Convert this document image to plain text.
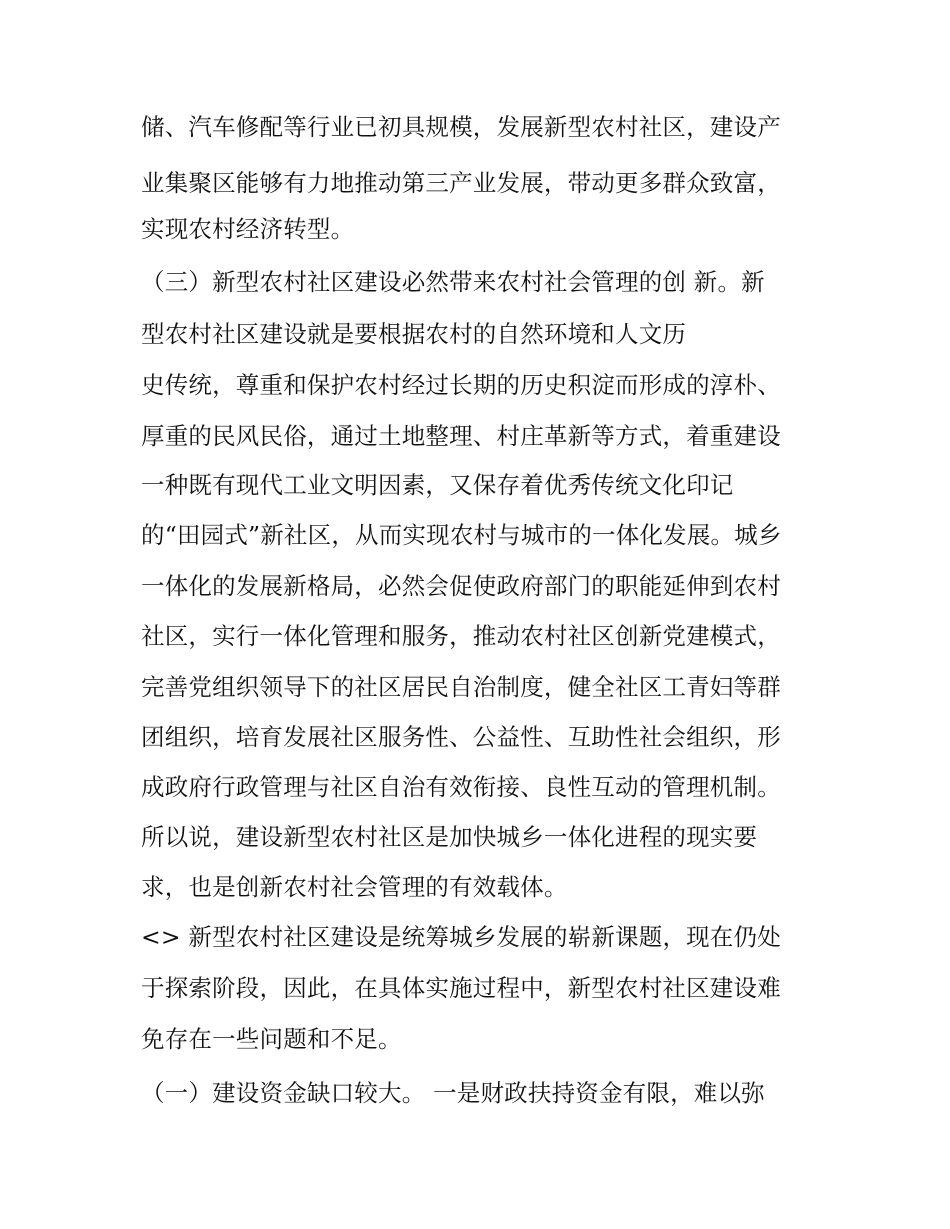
储、汽车修配等行业已初具规模，发展新型农村社区，建设产
业集聚区能够有力地推动第三产业发展，带动更多群众致富，
实现农村经济转型。
（三）新型农村社区建设必然带来农村社会管理的创 新。新
型农村社区建设就是要根据农村的自然环境和人文历
史传统，尊重和保护农村经过长期的历史积淀而形成的淳朴、
厚重的民风民俗，通过土地整理、村庄革新等方式，着重建设
一种既有现代工业文明因素，又保存着优秀传统文化印记
的“田园式”新社区，从而实现农村与城市的一体化发展。城乡
一体化的发展新格局，必然会促使政府部门的职能延伸到农村
社区，实行一体化管理和服务，推动农村社区创新党建模式，
完善党组织领导下的社区居民自治制度，健全社区工青妇等群
团组织，培育发展社区服务性、公益性、互助性社会组织，形
成政府行政管理与社区自治有效衔接、良性互动的管理机制。
所以说，建设新型农村社区是加快城乡一体化进程的现实要
求，也是创新农村社会管理的有效载体。
<> 新型农村社区建设是统筹城乡发展的崭新课题，现在仍处
于探索阶段，因此，在具体实施过程中，新型农村社区建设难
免存在一些问题和不足。
（一）建设资金缺口较大。 一是财政扶持资金有限，难以弥
